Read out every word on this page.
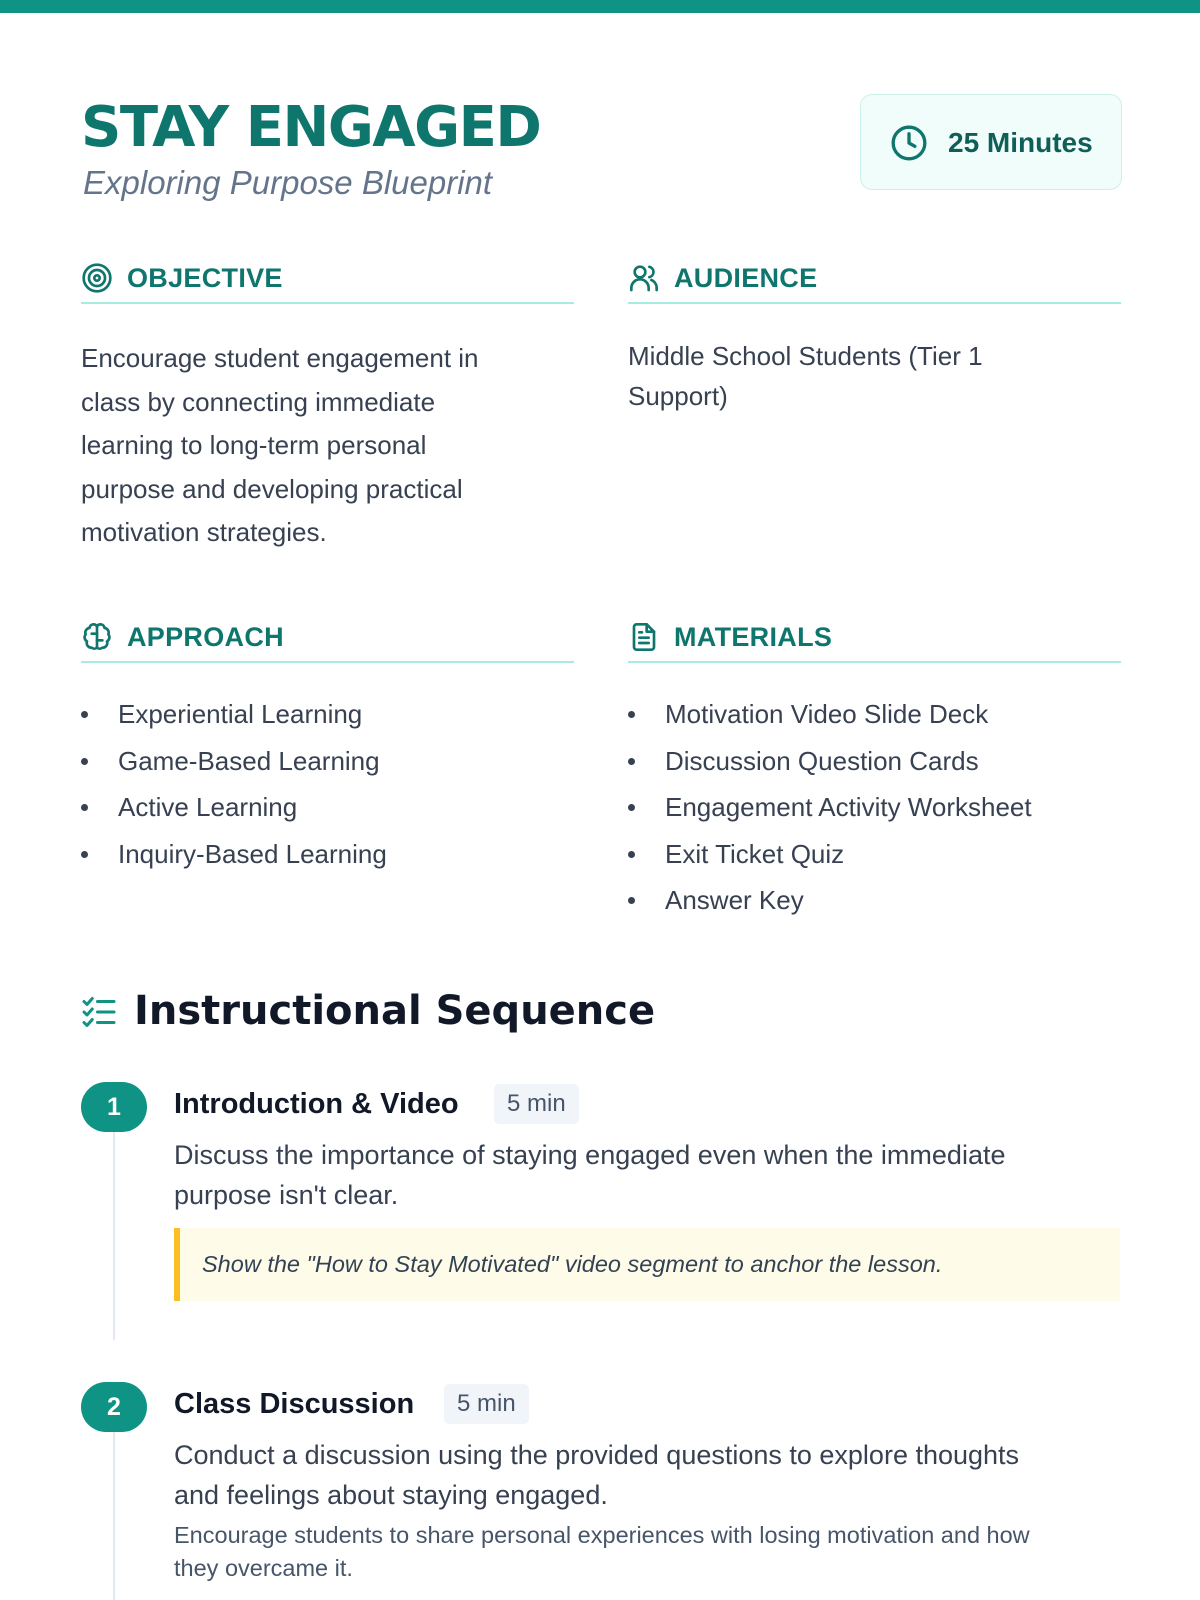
STAY ENGAGED
Exploring Purpose Blueprint
25 Minutes
OBJECTIVE
Encourage student engagement in
class by connecting immediate
learning to long-term personal
purpose and developing practical
motivation strategies.
AUDIENCE
Middle School Students (Tier 1
Support)
APPROACH
Experiential Learning
Game-Based Learning
Active Learning
Inquiry-Based Learning
MATERIALS
Motivation Video Slide Deck
Discussion Question Cards
Engagement Activity Worksheet
Exit Ticket Quiz
Answer Key
Instructional Sequence
1	Introduction & Video	5 min
Discuss the importance of staying engaged even when the immediate
purpose isn't clear.
Show the "How to Stay Motivated" video segment to anchor the lesson.
2	Class Discussion	5 min
Conduct a discussion using the provided questions to explore thoughts
and feelings about staying engaged.
Encourage students to share personal experiences with losing motivation and how
they overcame it.
